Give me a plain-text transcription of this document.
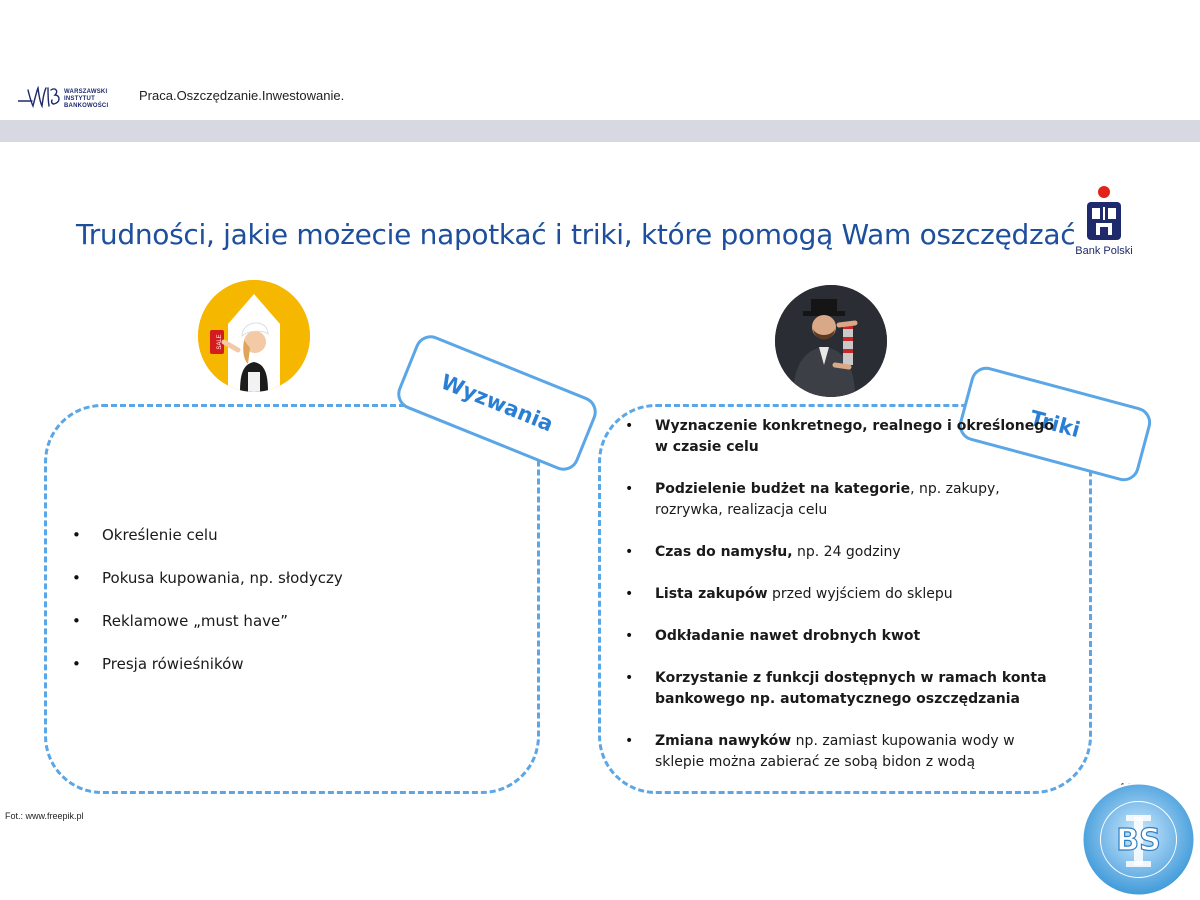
WARSZAWSKI
INSTYTUT
BANKOWOŚCI
Praca.Oszczędzanie.Inwestowanie.
Trudności, jakie możecie napotkać i triki, które pomogą Wam oszczędzać Bank Polski
SALE
Wyzwania	Triki
• Określenie celu
• Pokusa kupowania, np. słodyczy
• Reklamowe „must have”
• Presja rówieśników
• Wyznaczenie konkretnego, realnego i określonego w czasie celu
• Podzielenie budżet na kategorie, np. zakupy, rozrywka, realizacja celu
• Czas do namysłu, np. 24 godziny
• Lista zakupów przed wyjściem do sklepu
• Odkładanie nawet drobnych kwot
• Korzystanie z funkcji dostępnych w ramach konta bankowego np. automatycznego oszczędzania
• Zmiana nawyków np. zamiast kupowania wody w sklepie można zabierać ze sobą bidon z wodą
Fot.: www.freepik.pl
BS
